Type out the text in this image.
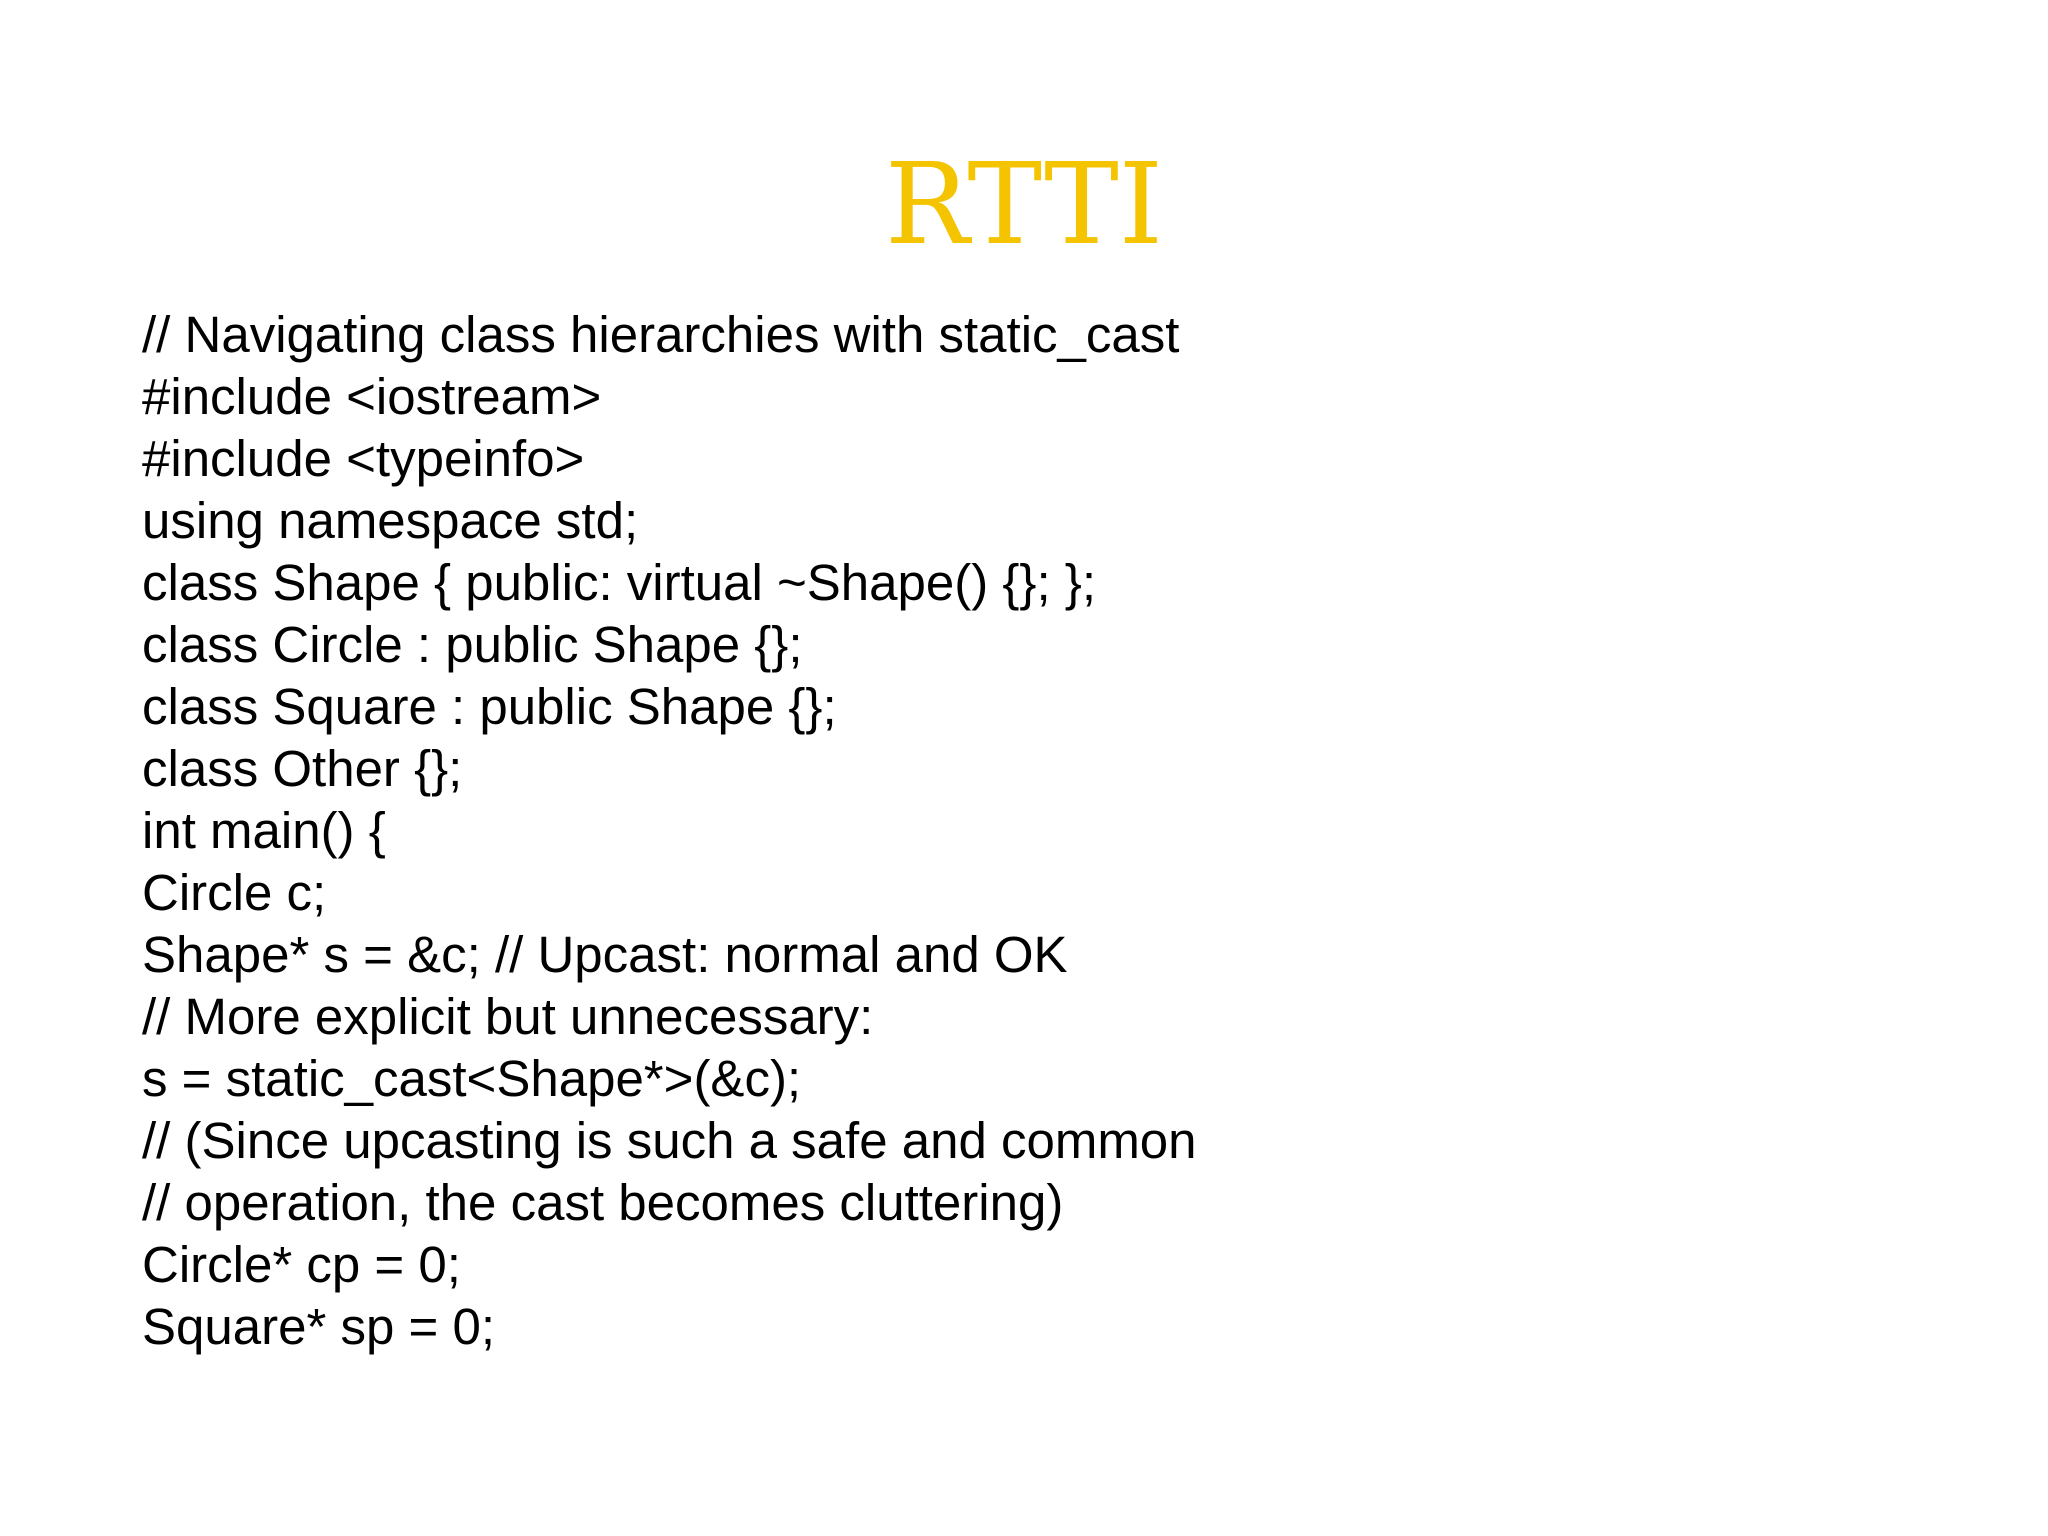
RTTI
// Navigating class hierarchies with static_cast
#include <iostream>
#include <typeinfo>
using namespace std;
class Shape { public: virtual ~Shape() {}; };
class Circle : public Shape {};
class Square : public Shape {};
class Other {};
int main() {
Circle c;
Shape* s = &c; // Upcast: normal and OK
// More explicit but unnecessary:
s = static_cast<Shape*>(&c);
// (Since upcasting is such a safe and common
// operation, the cast becomes cluttering)
Circle* cp = 0;
Square* sp = 0;
